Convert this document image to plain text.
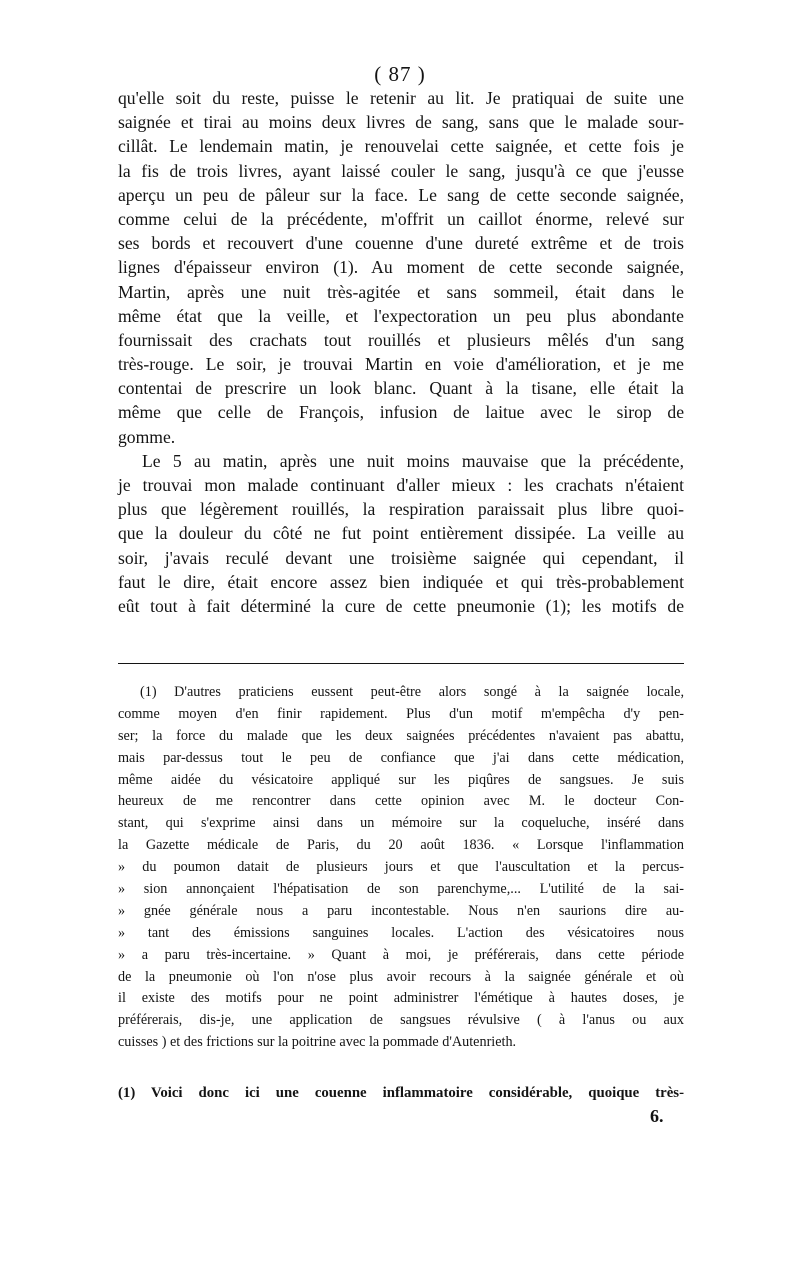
( 87 )
qu'elle soit du reste, puisse le retenir au lit. Je pratiquai de suite une
saignée et tirai au moins deux livres de sang, sans que le malade sour-
cillât. Le lendemain matin, je renouvelai cette saignée, et cette fois je
la fis de trois livres, ayant laissé couler le sang, jusqu'à ce que j'eusse
aperçu un peu de pâleur sur la face. Le sang de cette seconde saignée,
comme celui de la précédente, m'offrit un caillot énorme, relevé sur
ses bords et recouvert d'une couenne d'une dureté extrême et de trois
lignes d'épaisseur environ (1). Au moment de cette seconde saignée,
Martin, après une nuit très-agitée et sans sommeil, était dans le
même état que la veille, et l'expectoration un peu plus abondante
fournissait des crachats tout rouillés et plusieurs mêlés d'un sang
très-rouge. Le soir, je trouvai Martin en voie d'amélioration, et je me
contentai de prescrire un look blanc. Quant à la tisane, elle était la
même que celle de François, infusion de laitue avec le sirop de
gomme.
Le 5 au matin, après une nuit moins mauvaise que la précédente,
je trouvai mon malade continuant d'aller mieux : les crachats n'étaient
plus que légèrement rouillés, la respiration paraissait plus libre quoi-
que la douleur du côté ne fut point entièrement dissipée. La veille au
soir, j'avais reculé devant une troisième saignée qui cependant, il
faut le dire, était encore assez bien indiquée et qui très-probablement
eût tout à fait déterminé la cure de cette pneumonie (1); les motifs de
(1) D'autres praticiens eussent peut-être alors songé à la saignée locale,
comme moyen d'en finir rapidement. Plus d'un motif m'empêcha d'y pen-
ser; la force du malade que les deux saignées précédentes n'avaient pas abattu,
mais par-dessus tout le peu de confiance que j'ai dans cette médication,
même aidée du vésicatoire appliqué sur les piqûres de sangsues. Je suis
heureux de me rencontrer dans cette opinion avec M. le docteur Con-
stant, qui s'exprime ainsi dans un mémoire sur la coqueluche, inséré dans
la Gazette médicale de Paris, du 20 août 1836. « Lorsque l'inflammation
» du poumon datait de plusieurs jours et que l'auscultation et la percus-
» sion annonçaient l'hépatisation de son parenchyme,... L'utilité de la sai-
» gnée générale nous a paru incontestable. Nous n'en saurions dire au-
» tant des émissions sanguines locales. L'action des vésicatoires nous
» a paru très-incertaine. » Quant à moi, je préférerais, dans cette période
de la pneumonie où l'on n'ose plus avoir recours à la saignée générale et où
il existe des motifs pour ne point administrer l'émétique à hautes doses, je
préférerais, dis-je, une application de sangsues révulsive ( à l'anus ou aux
cuisses ) et des frictions sur la poitrine avec la pommade d'Autenrieth.
(1) Voici donc ici une couenne inflammatoire considérable, quoique très-
6.
